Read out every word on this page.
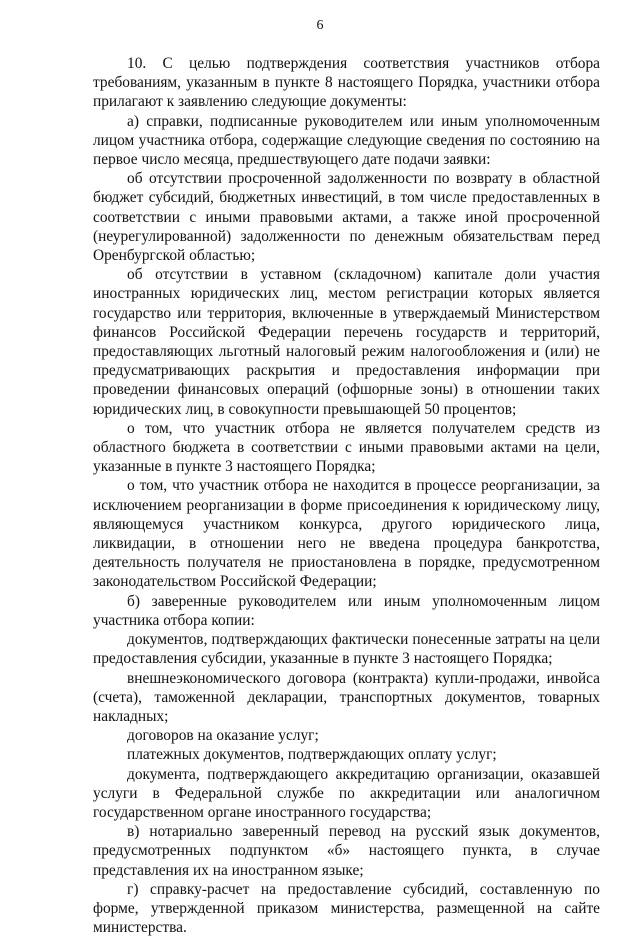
6

10. С целью подтверждения соответствия участников отбора требованиям, указанным в пункте 8 настоящего Порядка, участники отбора прилагают к заявлению следующие документы:

а) справки, подписанные руководителем или иным уполномоченным лицом участника отбора, содержащие следующие сведения по состоянию на первое число месяца, предшествующего дате подачи заявки:

об отсутствии просроченной задолженности по возврату в областной бюджет субсидий, бюджетных инвестиций, в том числе предоставленных в соответствии с иными правовыми актами, а также иной просроченной (неурегулированной) задолженности по денежным обязательствам перед Оренбургской областью;

об отсутствии в уставном (складочном) капитале доли участия иностранных юридических лиц, местом регистрации которых является государство или территория, включенные в утверждаемый Министерством финансов Российской Федерации перечень государств и территорий, предоставляющих льготный налоговый режим налогообложения и (или) не предусматривающих раскрытия и предоставления информации при проведении финансовых операций (офшорные зоны) в отношении таких юридических лиц, в совокупности превышающей 50 процентов;

о том, что участник отбора не является получателем средств из областного бюджета в соответствии с иными правовыми актами на цели, указанные в пункте 3 настоящего Порядка;

о том, что участник отбора не находится в процессе реорганизации, за исключением реорганизации в форме присоединения к юридическому лицу, являющемуся участником конкурса, другого юридического лица, ликвидации, в отношении него не введена процедура банкротства, деятельность получателя не приостановлена в порядке, предусмотренном законодательством Российской Федерации;

б) заверенные руководителем или иным уполномоченным лицом участника отбора копии:

документов, подтверждающих фактически понесенные затраты на цели предоставления субсидии, указанные в пункте 3 настоящего Порядка;

внешнеэкономического договора (контракта) купли-продажи, инвойса (счета), таможенной декларации, транспортных документов, товарных накладных;

договоров на оказание услуг;

платежных документов, подтверждающих оплату услуг;

документа, подтверждающего аккредитацию организации, оказавшей услуги в Федеральной службе по аккредитации или аналогичном государственном органе иностранного государства;

в) нотариально заверенный перевод на русский язык документов, предусмотренных подпунктом «б» настоящего пункта, в случае представления их на иностранном языке;

г) справку-расчет на предоставление субсидий, составленную по форме, утвержденной приказом министерства, размещенной на сайте министерства.
